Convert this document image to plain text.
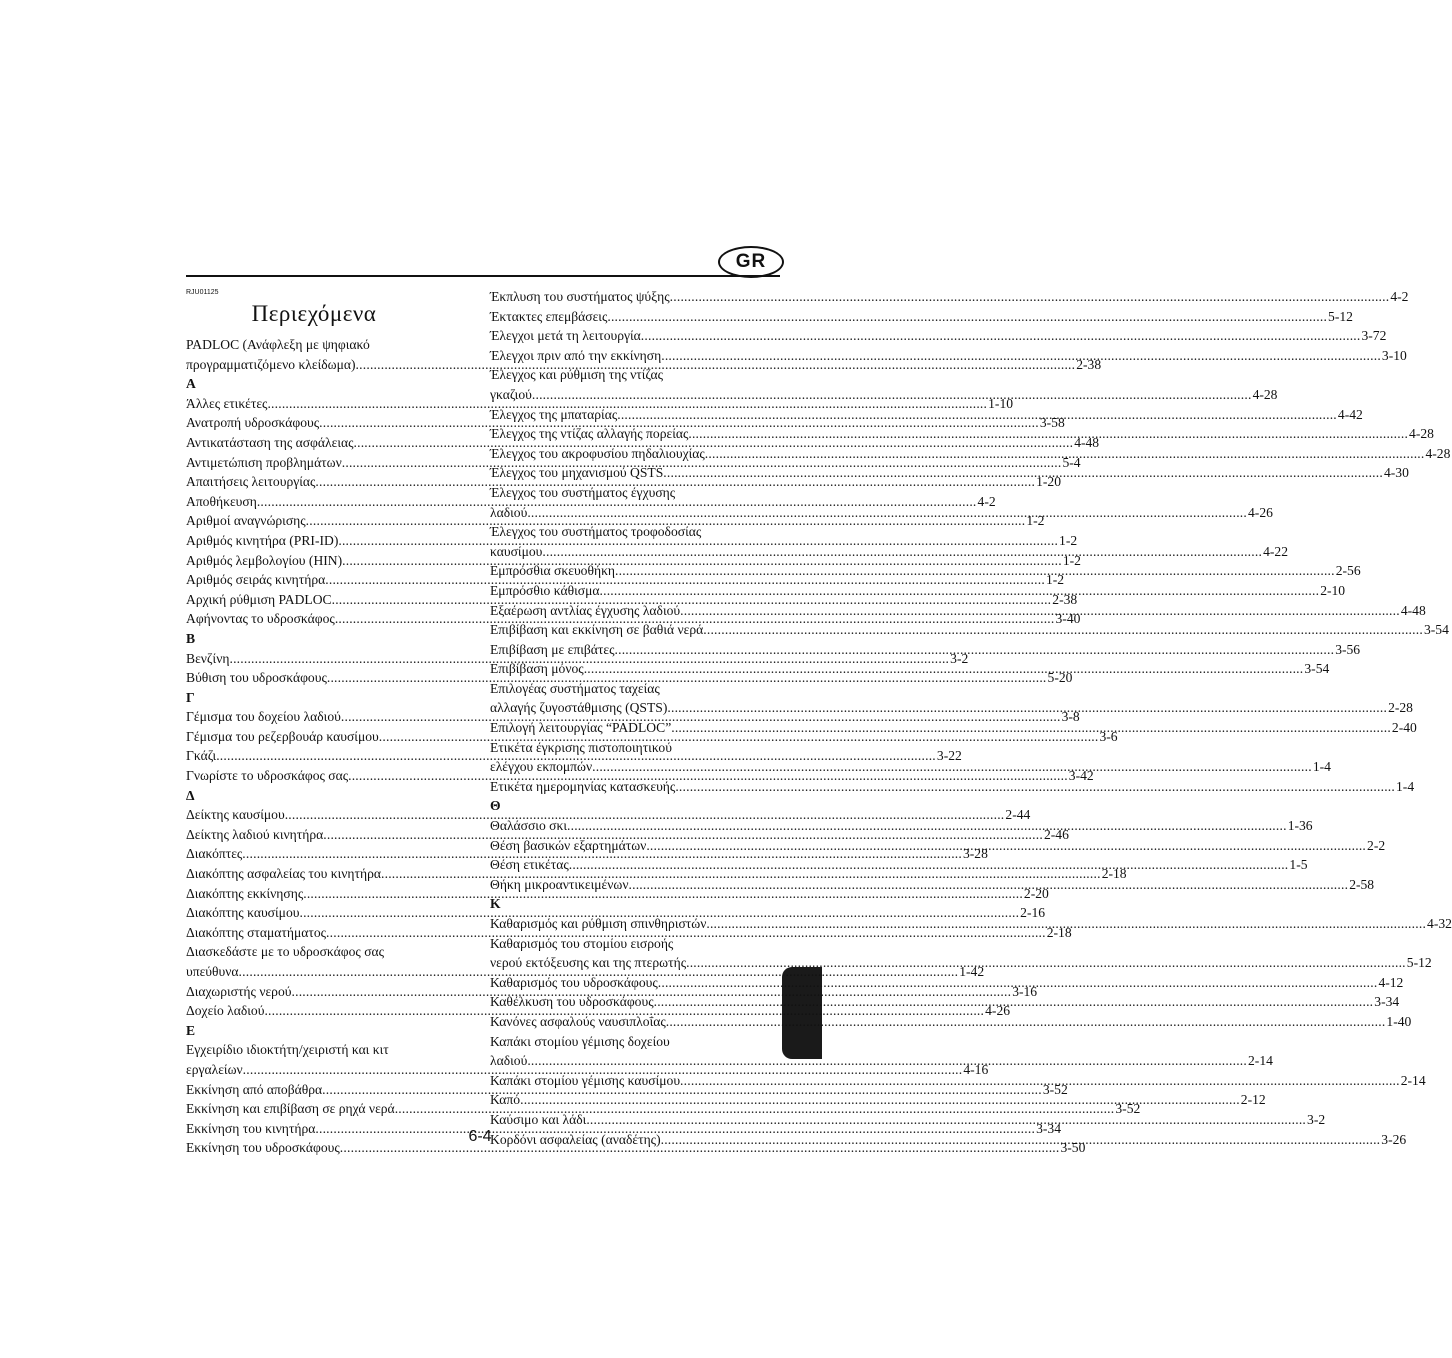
GR
RJU01125
Περιεχόμενα
PADLOC (Ανάφλεξη με ψηφιακό
προγραμματιζόμενο κλείδωμα) .....	2-38
Α
Άλλες ετικέτες .....	1-10
Ανατροπή υδροσκάφους .....	3-58
Αντικατάσταση της ασφάλειας .....	4-48
Αντιμετώπιση προβλημάτων .....	5-4
Απαιτήσεις λειτουργίας .....	1-20
Αποθήκευση .....	4-2
Αριθμοί αναγνώρισης .....	1-2
Αριθμός κινητήρα (PRI-ID) .....	1-2
Αριθμός λεμβολογίου (HIN) .....	1-2
Αριθμός σειράς κινητήρα .....	1-2
Αρχική ρύθμιση PADLOC .....	2-38
Αφήνοντας το υδροσκάφος .....	3-40
Β
Βενζίνη .....	3-2
Βύθιση του υδροσκάφους .....	5-20
Γ
Γέμισμα του δοχείου λαδιού .....	3-8
Γέμισμα του ρεζερβουάρ καυσίμου .....	3-6
Γκάζι .....	3-22
Γνωρίστε το υδροσκάφος σας .....	3-42
Δ
Δείκτης καυσίμου .....	2-44
Δείκτης λαδιού κινητήρα .....	2-46
Διακόπτες .....	3-28
Διακόπτης ασφαλείας του κινητήρα .....	2-18
Διακόπτης εκκίνησης .....	2-20
Διακόπτης καυσίμου .....	2-16
Διακόπτης σταματήματος .....	2-18
Διασκεδάστε με το υδροσκάφος σας
υπεύθυνα .....	1-42
Διαχωριστής νερού .....	3-16
Δοχείο λαδιού .....	4-26
Ε
Εγχειρίδιο ιδιοκτήτη/χειριστή και κιτ
εργαλείων .....	4-16
Εκκίνηση από αποβάθρα .....	3-52
Εκκίνηση και επιβίβαση σε ρηχά νερά .....	3-52
Εκκίνηση του κινητήρα .....	3-34
Εκκίνηση του υδροσκάφους .....	3-50
Έκπλυση του συστήματος ψύξης .....	4-2
Έκτακτες επεμβάσεις .....	5-12
Έλεγχοι μετά τη λειτουργία .....	3-72
Έλεγχοι πριν από την εκκίνηση .....	3-10
Έλεγχος και ρύθμιση της ντίζας
γκαζιού .....	4-28
Έλεγχος της μπαταρίας .....	4-42
Έλεγχος της ντίζας αλλαγής πορείας .....	4-28
Έλεγχος του ακροφυσίου πηδαλιουχίας .....	4-28
Έλεγχος του μηχανισμού QSTS .....	4-30
Έλεγχος του συστήματος έγχυσης
λαδιού .....	4-26
Έλεγχος του συστήματος τροφοδοσίας
καυσίμου .....	4-22
Εμπρόσθια σκευοθήκη .....	2-56
Εμπρόσθιο κάθισμα .....	2-10
Εξαέρωση αντλίας έγχυσης λαδιού .....	4-48
Επιβίβαση και εκκίνηση σε βαθιά νερά .....	3-54
Επιβίβαση με επιβάτες .....	3-56
Επιβίβαση μόνος .....	3-54
Επιλογέας συστήματος ταχείας
αλλαγής ζυγοστάθμισης (QSTS) .....	2-28
Επιλογή λειτουργίας “PADLOC” .....	2-40
Ετικέτα έγκρισης πιστοποιητικού
ελέγχου εκπομπών .....	1-4
Ετικέτα ημερομηνίας κατασκευής .....	1-4
Θ
Θαλάσσιο σκι .....	1-36
Θέση βασικών εξαρτημάτων .....	2-2
Θέση ετικέτας .....	1-5
Θήκη μικροαντικειμένων .....	2-58
Κ
Καθαρισμός και ρύθμιση σπινθηριστών .....	4-32
Καθαρισμός του στομίου εισροής
νερού εκτόξευσης και της πτερωτής .....	5-12
Καθαρισμός του υδροσκάφους .....	4-12
Καθέλκυση του υδροσκάφους .....	3-34
Κανόνες ασφαλούς ναυσιπλοΐας .....	1-40
Καπάκι στομίου γέμισης δοχείου
λαδιού .....	2-14
Καπάκι στομίου γέμισης καυσίμου .....	2-14
Καπό .....	2-12
Καύσιμο και λάδι .....	3-2
Κορδόνι ασφαλείας (αναδέτης) .....	3-26
6-4
